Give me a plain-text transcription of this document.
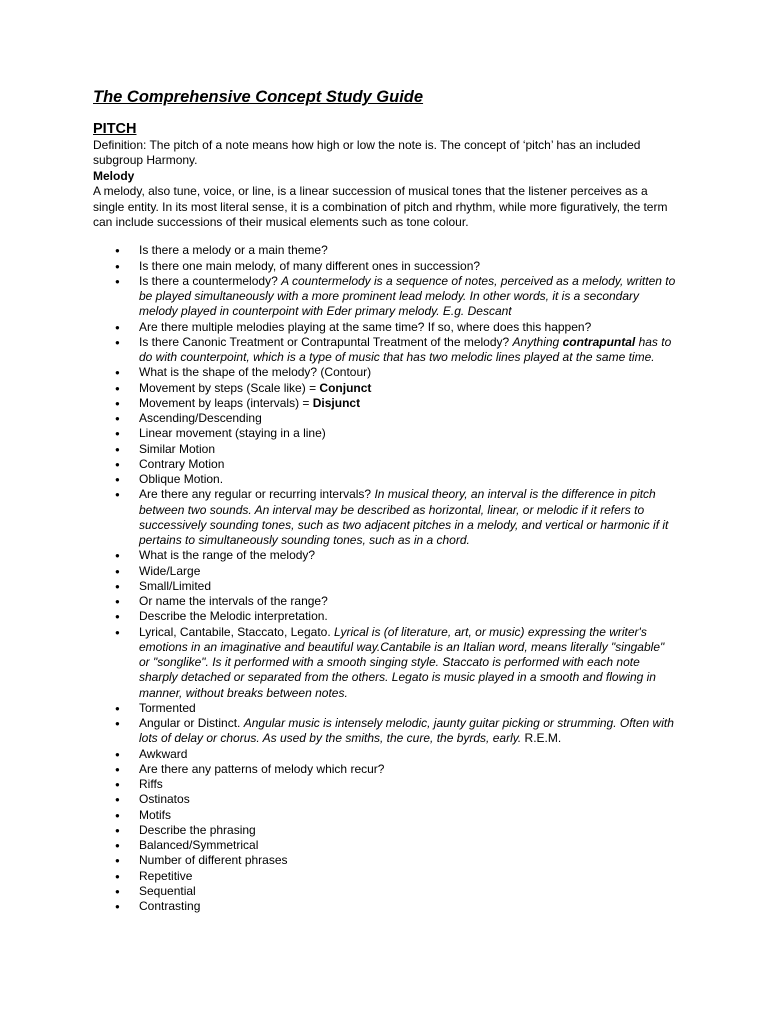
The Comprehensive Concept Study Guide
PITCH

Definition: The pitch of a note means how high or low the note is. The concept of ‘pitch’ has an included subgroup Harmony.

Melody

A melody, also tune, voice, or line, is a linear succession of musical tones that the listener perceives as a single entity. In its most literal sense, it is a combination of pitch and rhythm, while more figuratively, the term can include successions of their musical elements such as tone colour.

● Is there a melody or a main theme?
● Is there one main melody, of many different ones in succession?
● Is there a countermelody? A countermelody is a sequence of notes, perceived as a melody, written to be played simultaneously with a more prominent lead melody. In other words, it is a secondary melody played in counterpoint with Eder primary melody. E.g. Descant
● Are there multiple melodies playing at the same time? If so, where does this happen?
● Is there Canonic Treatment or Contrapuntal Treatment of the melody? Anything contrapuntal has to do with counterpoint, which is a type of music that has two melodic lines played at the same time.
● What is the shape of the melody? (Contour)
● Movement by steps (Scale like) = Conjunct
● Movement by leaps (intervals) = Disjunct
● Ascending/Descending
● Linear movement (staying in a line)
● Similar Motion
● Contrary Motion
● Oblique Motion.
● Are there any regular or recurring intervals? In musical theory, an interval is the difference in pitch between two sounds. An interval may be described as horizontal, linear, or melodic if it refers to successively sounding tones, such as two adjacent pitches in a melody, and vertical or harmonic if it pertains to simultaneously sounding tones, such as in a chord.
● What is the range of the melody?
● Wide/Large
● Small/Limited
● Or name the intervals of the range?
● Describe the Melodic interpretation.
● Lyrical, Cantabile, Staccato, Legato. Lyrical is (of literature, art, or music) expressing the writer's emotions in an imaginative and beautiful way.Cantabile is an Italian word, means literally "singable" or "songlike". Is it performed with a smooth singing style. Staccato is performed with each note sharply detached or separated from the others. Legato is music played in a smooth and flowing in manner, without breaks between notes.
● Tormented
● Angular or Distinct. Angular music is intensely melodic, jaunty guitar picking or strumming. Often with lots of delay or chorus. As used by the smiths, the cure, the byrds, early. R.E.M.
● Awkward
● Are there any patterns of melody which recur?
● Riffs
● Ostinatos
● Motifs
● Describe the phrasing
● Balanced/Symmetrical
● Number of different phrases
● Repetitive
● Sequential
● Contrasting
